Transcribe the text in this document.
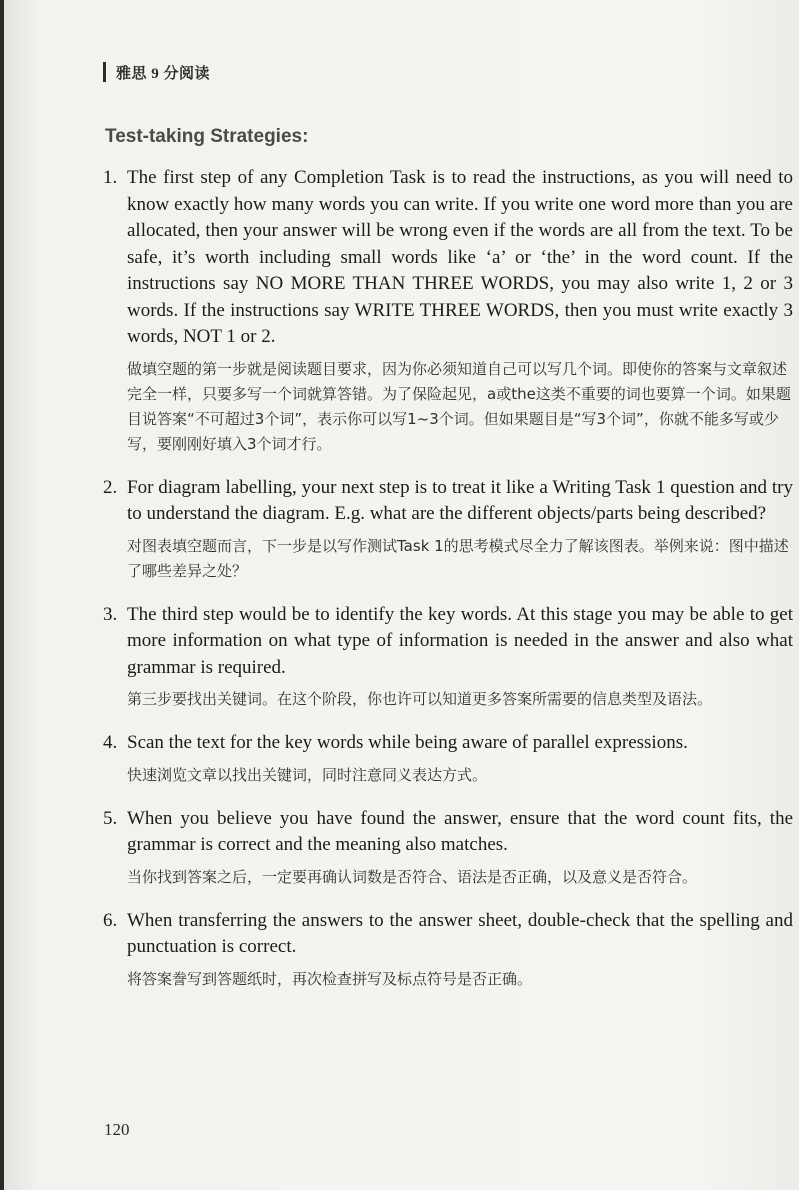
雅思 9 分阅读
Test-taking Strategies:
1. The first step of any Completion Task is to read the instructions, as you will need to know exactly how many words you can write. If you write one word more than you are allocated, then your answer will be wrong even if the words are all from the text. To be safe, it’s worth including small words like ‘a’ or ‘the’ in the word count. If the instructions say NO MORE THAN THREE WORDS, you may also write 1, 2 or 3 words. If the instructions say WRITE THREE WORDS, then you must write exactly 3 words, NOT 1 or 2.
做填空题的第一步就是阅读题目要求，因为你必须知道自己可以写几个词。即使你的答案与文章叙述完全一样，只要多写一个词就算答错。为了保险起见，a或the这类不重要的词也要算一个词。如果题目说答案“不可超过3个词”，表示你可以写1~3个词。但如果题目是“写3个词”，你就不能多写或少写，要刚刚好填入3个词才行。
2. For diagram labelling, your next step is to treat it like a Writing Task 1 question and try to understand the diagram. E.g. what are the different objects/parts being described?
对图表填空题而言，下一步是以写作测试Task 1的思考模式尽全力了解该图表。举例来说：图中描述了哪些差异之处？
3. The third step would be to identify the key words. At this stage you may be able to get more information on what type of information is needed in the answer and also what grammar is required.
第三步要找出关键词。在这个阶段，你也许可以知道更多答案所需要的信息类型及语法。
4. Scan the text for the key words while being aware of parallel expressions.
快速浏览文章以找出关键词，同时注意同义表达方式。
5. When you believe you have found the answer, ensure that the word count fits, the grammar is correct and the meaning also matches.
当你找到答案之后，一定要再确认词数是否符合、语法是否正确，以及意义是否符合。
6. When transferring the answers to the answer sheet, double-check that the spelling and punctuation is correct.
将答案誊写到答题纸时，再次检查拼写及标点符号是否正确。
120
